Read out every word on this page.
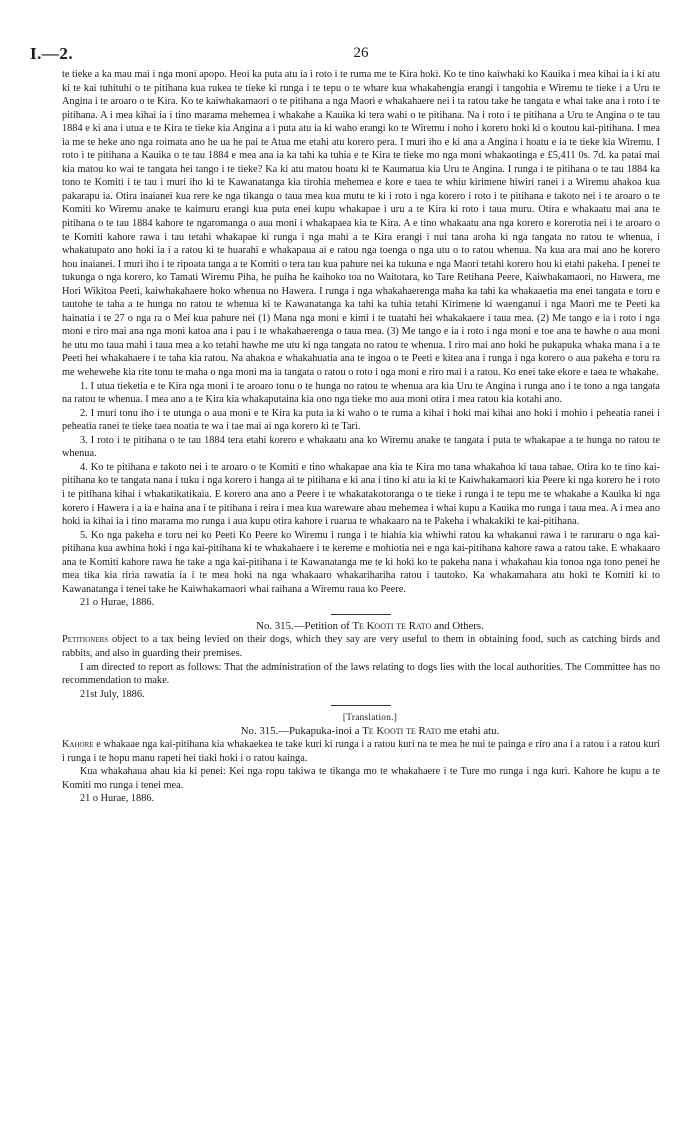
I.—2.	26

te tieke a ka mau mai i nga moni apopo. Heoi ka puta atu ia i roto i te ruma me te Kira hoki. Ko te tino kaiwhaki ko Kauika i mea kihai ia i ki atu ki te kai tuhituhi o te pitihana kua rukea te tieke ki runga i te tepu o te whare kua whakahengia erangi i tangohia e Wiremu te tieke i a Uru te Angina i te aroaro o te Kira. Ko te kaiwhakamaori o te pitihana a nga Maori e whakahaere nei i ta ratou take he tangata e whai take ana i roto i te pitihana. A i mea kihai ia i tino marama mehemea i whakahe a Kauika ki tera wahi o te pitihana. Na i roto i te pitihana a Uru te Angina o te tau 1884 e ki ana i utua e te Kira te tieke kia Angina a i puta atu ia ki waho erangi ko te Wiremu i noho i korero hoki ki o koutou kai-pitihana. I mea ia me te heke ano nga roimata ano he ua he pai te Atua me etahi atu korero pera. I muri iho e ki ana a Angina i hoatu e ia te tieke kia Wiremu. I roto i te pitihana a Kauika o te tau 1884 e mea ana ia ka tahi ka tuhia e te Kira te tieke mo nga moni whakaotinga e £5,411 0s. 7d. ka patai mai kia matou ko wai te tangata hei tango i te tieke? Ka ki atu matou hoatu ki te Kaumatua kia Uru te Angina. I runga i te pitihana o te tau 1884 ka tono te Komiti i te tau i muri iho ki te Kawanatanga kia tirohia mehemea e kore e taea te whiu kirimene hiwiri ranei i a Wiremu ahakoa kua pakarapu ia. Otira inaianei kua rere ke nga tikanga o taua mea kua mutu te ki i roto i nga korero i roto i te pitihana e takoto nei i te aroaro o te Komiti ko Wiremu anake te kaimuru erangi kua puta enei kupu whakapae i uru a te Kira ki roto i taua muru. Otira e whakaatu mai ana te pitihana o te tau 1884 kahore te ngaromanga o aua moni i whakapaea kia te Kira. A e tino whakaatu ana nga korero e korerotia nei i te aroaro o te Komiti kahore rawa i tau tetahi whakapae ki runga i nga mahi a te Kira erangi i nui tana aroha ki nga tangata no ratou te whenua, i whakatupato ano hoki ia i a ratou ki te huarahi e whakapaua ai e ratou nga toenga o nga utu o to ratou whenua. Na kua ara mai ano he korero hou inaianei. I muri iho i te ripoata tanga a te Komiti o tera tau kua pahure nei ka tukuna e nga Maori tetahi korero hou ki etahi pakeha. I penei te tukunga o nga korero, ko Tamati Wiremu Piha, he puiha he kaihoko toa no Waitotara, ko Tare Retihana Peere, Kaiwhakamaori, no Hawera, me Hori Wikitoa Peeti, kaiwhakahaere hoko whenua no Hawera. I runga i nga whakahaerenga maha ka tahi ka whakaaetia ma enei tangata e toru e tautohe te taha a te hunga no ratou te whenua ki te Kawanatanga ka tahi ka tuhia tetahi Kirimene ki waenganui i nga Maori me te Peeti ka hainatia i te 27 o nga ra o Mei kua pahure nei (1) Mana nga moni e kimi i te tuatahi hei whakakaere i taua mea. (2) Me tango e ia i roto i nga moni e riro mai ana nga moni katoa ana i pau i te whakahaerenga o taua mea. (3) Me tango e ia i roto i nga moni e toe ana te hawhe o aua moni he utu mo taua mahi i taua mea a ko tetahi hawhe me utu ki nga tangata no ratou te whenua. I riro mai ano hoki he pukapuka whaka mana i a te Peeti hei whakahaere i te taha kia ratou. Na ahakoa e whakahuatia ana te ingoa o te Peeti e kitea ana i runga i nga korero o aua pakeha e toru ra me wehewehe kia rite tonu te maha o nga moni ma ia tangata o ratou o roto i nga moni e riro mai i a ratou. Ko enei take ekore e taea te whakahe.

1. I utua tieketia e te Kira nga moni i te aroaro tonu o te hunga no ratou te whenua ara kia Uru te Angina i runga ano i te tono a nga tangata na ratou te whenua. I mea ano a te Kira kia whakaputaina kia ono nga tieke mo aua moni otira i mea ratou kia kotahi ano.

2. I muri tonu iho i te utunga o aua moni e te Kira ka puta ia ki waho o te ruma a kihai i hoki mai kihai ano hoki i mohio i peheatia ranei i peheatia ranei te tieke taea noatia te wa i tae mai ai nga korero ki te Tari.

3. I roto i te pitihana o te tau 1884 tera etahi korero e whakaatu ana ko Wiremu anake te tangata i puta te whakapae a te hunga no ratou te whenua.

4. Ko te pitihana e takoto nei i te aroaro o te Komiti e tino whakapae ana kia te Kira mo tana whakahoa ki taua tahae. Otira ko te tino kai-pitihana ko te tangata nana i tuku i nga korero i hanga ai te pitihana e ki ana i tino ki atu ia ki te Kaiwhakamaori kia Peere ki nga korero he i roto i te pitihana kihai i whakatikatikaia. E korero ana ano a Peere i te whakatakotoranga o te tieke i runga i te tepu me te whakahe a Kauika ki nga korero i Hawera i a ia e haina ana i te pitihana i reira i mea kua wareware ahau mehemea i whai kupu a Kauika mo runga i taua mea. A i mea ano hoki ia kihai ia i tino marama mo runga i aua kupu otira kahore i ruarua te whakaaro na te Pakeha i whakakiki te kai-pitihana.

5. Ko nga pakeha e toru nei ko Peeti Ko Peere ko Wiremu i runga i te hiahia kia whiwhi ratou ka whakanui rawa i te raruraru o nga kai-pitihana kua awhina hoki i nga kai-pitihana ki te whakahaere i te kereme e mohiotia nei e nga kai-pitihana kahore rawa a ratou take. E whakaaro ana te Komiti kahore rawa he take a nga kai-pitihana i te Kawanatanga me te ki hoki ko te pakeha nana i whakahau kia tonoa nga tono penei he mea tika kia riria rawatia ia i te mea hoki na nga whakaaro whakarihariha ratou i tautoko. Ka whakamahara atu hoki te Komiti ki to Kawanatanga i tenei take he Kaiwhakamaori whai raihana a Wiremu raua ko Peere.

21 o Hurae, 1886.

No. 315.—Petition of Te Kooti te Rato and Others.

Petitioners object to a tax being levied on their dogs, which they say are very useful to them in obtaining food, such as catching birds and rabbits, and also in guarding their premises.

I am directed to report as follows: That the administration of the laws relating to dogs lies with the local authorities. The Committee has no recommendation to make.

21st July, 1886.

[Translation.]

No. 315.—Pukapuka-inoi a Te Kooti te Rato me etahi atu.

Kahore e whakaae nga kai-pitihana kia whakaekea te take kuri ki runga i a ratou kuri na te mea he nui te painga e riro ana i a ratou i a ratou kuri i runga i te hopu manu rapeti hei tiaki hoki i o ratou kainga.

Kua whakahaua ahau kia ki penei: Kei nga ropu takiwa te tikanga mo te whakahaere i te Ture mo runga i nga kuri. Kahore he kupu a te Komiti mo runga i tenei mea.

21 o Hurae, 1886.
